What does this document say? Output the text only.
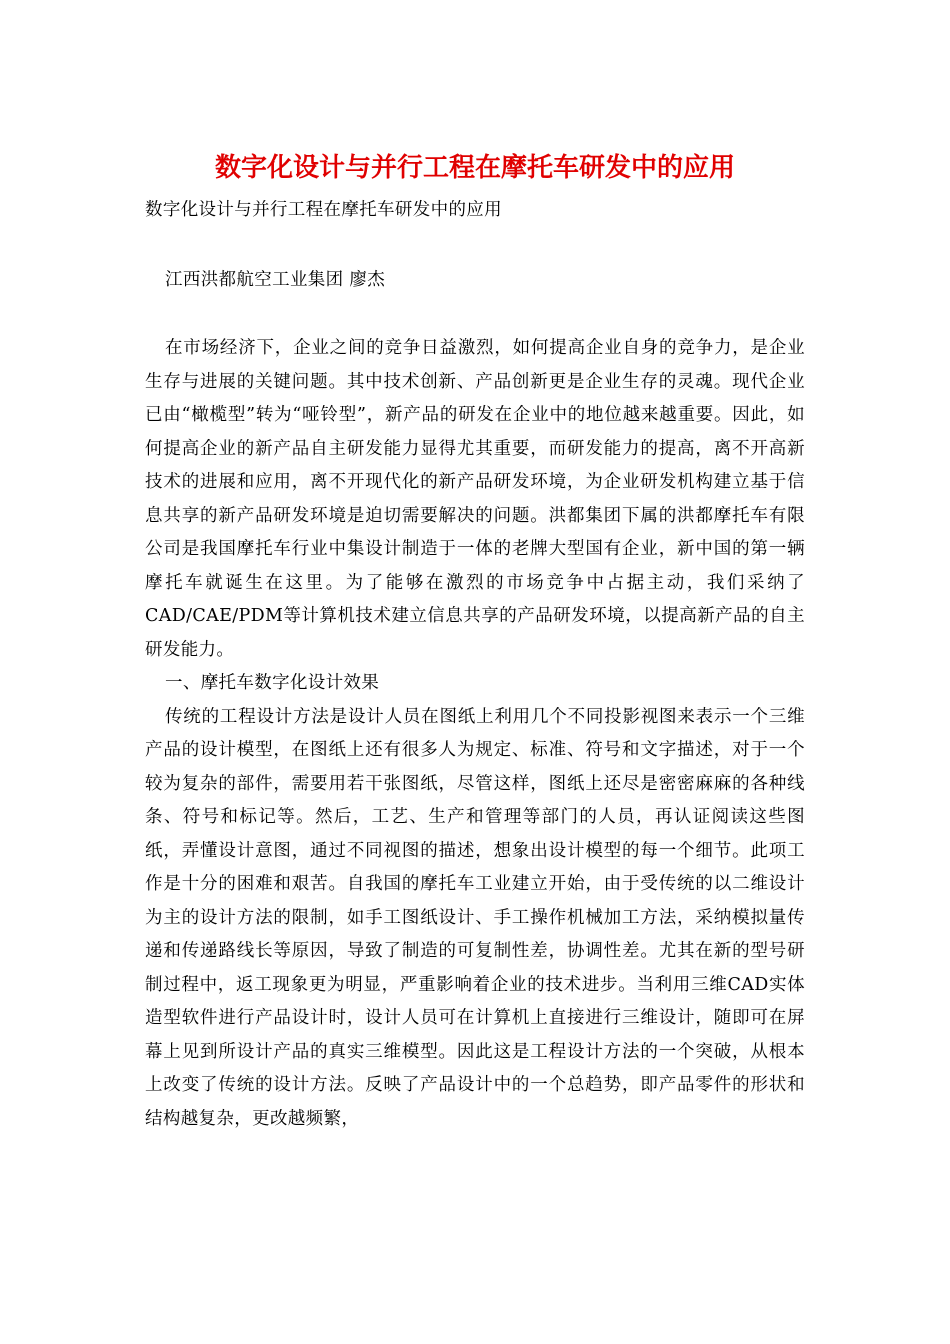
数字化设计与并行工程在摩托车研发中的应用
数字化设计与并行工程在摩托车研发中的应用
江西洪都航空工业集团 廖杰

在市场经济下，企业之间的竞争日益激烈，如何提高企业自身的竞争力，是企业生存与进展的关键问题。其中技术创新、产品创新更是企业生存的灵魂。现代企业已由“橄榄型”转为“哑铃型”，新产品的研发在企业中的地位越来越重要。因此，如何提高企业的新产品自主研发能力显得尤其重要，而研发能力的提高，离不开高新技术的进展和应用，离不开现代化的新产品研发环境，为企业研发机构建立基于信息共享的新产品研发环境是迫切需要解决的问题。洪都集团下属的洪都摩托车有限公司是我国摩托车行业中集设计制造于一体的老牌大型国有企业，新中国的第一辆摩托车就诞生在这里。为了能够在激烈的市场竞争中占据主动，我们采纳了CAD/CAE/PDM等计算机技术建立信息共享的产品研发环境，以提高新产品的自主研发能力。

一、摩托车数字化设计效果

传统的工程设计方法是设计人员在图纸上利用几个不同投影视图来表示一个三维产品的设计模型，在图纸上还有很多人为规定、标准、符号和文字描述，对于一个较为复杂的部件，需要用若干张图纸，尽管这样，图纸上还尽是密密麻麻的各种线条、符号和标记等。然后，工艺、生产和管理等部门的人员，再认证阅读这些图纸，弄懂设计意图，通过不同视图的描述，想象出设计模型的每一个细节。此项工作是十分的困难和艰苦。自我国的摩托车工业建立开始，由于受传统的以二维设计为主的设计方法的限制，如手工图纸设计、手工操作机械加工方法，采纳模拟量传递和传递路线长等原因，导致了制造的可复制性差，协调性差。尤其在新的型号研制过程中，返工现象更为明显，严重影响着企业的技术进步。当利用三维CAD实体造型软件进行产品设计时，设计人员可在计算机上直接进行三维设计，随即可在屏幕上见到所设计产品的真实三维模型。因此这是工程设计方法的一个突破，从根本上改变了传统的设计方法。反映了产品设计中的一个总趋势，即产品零件的形状和结构越复杂，更改越频繁，
